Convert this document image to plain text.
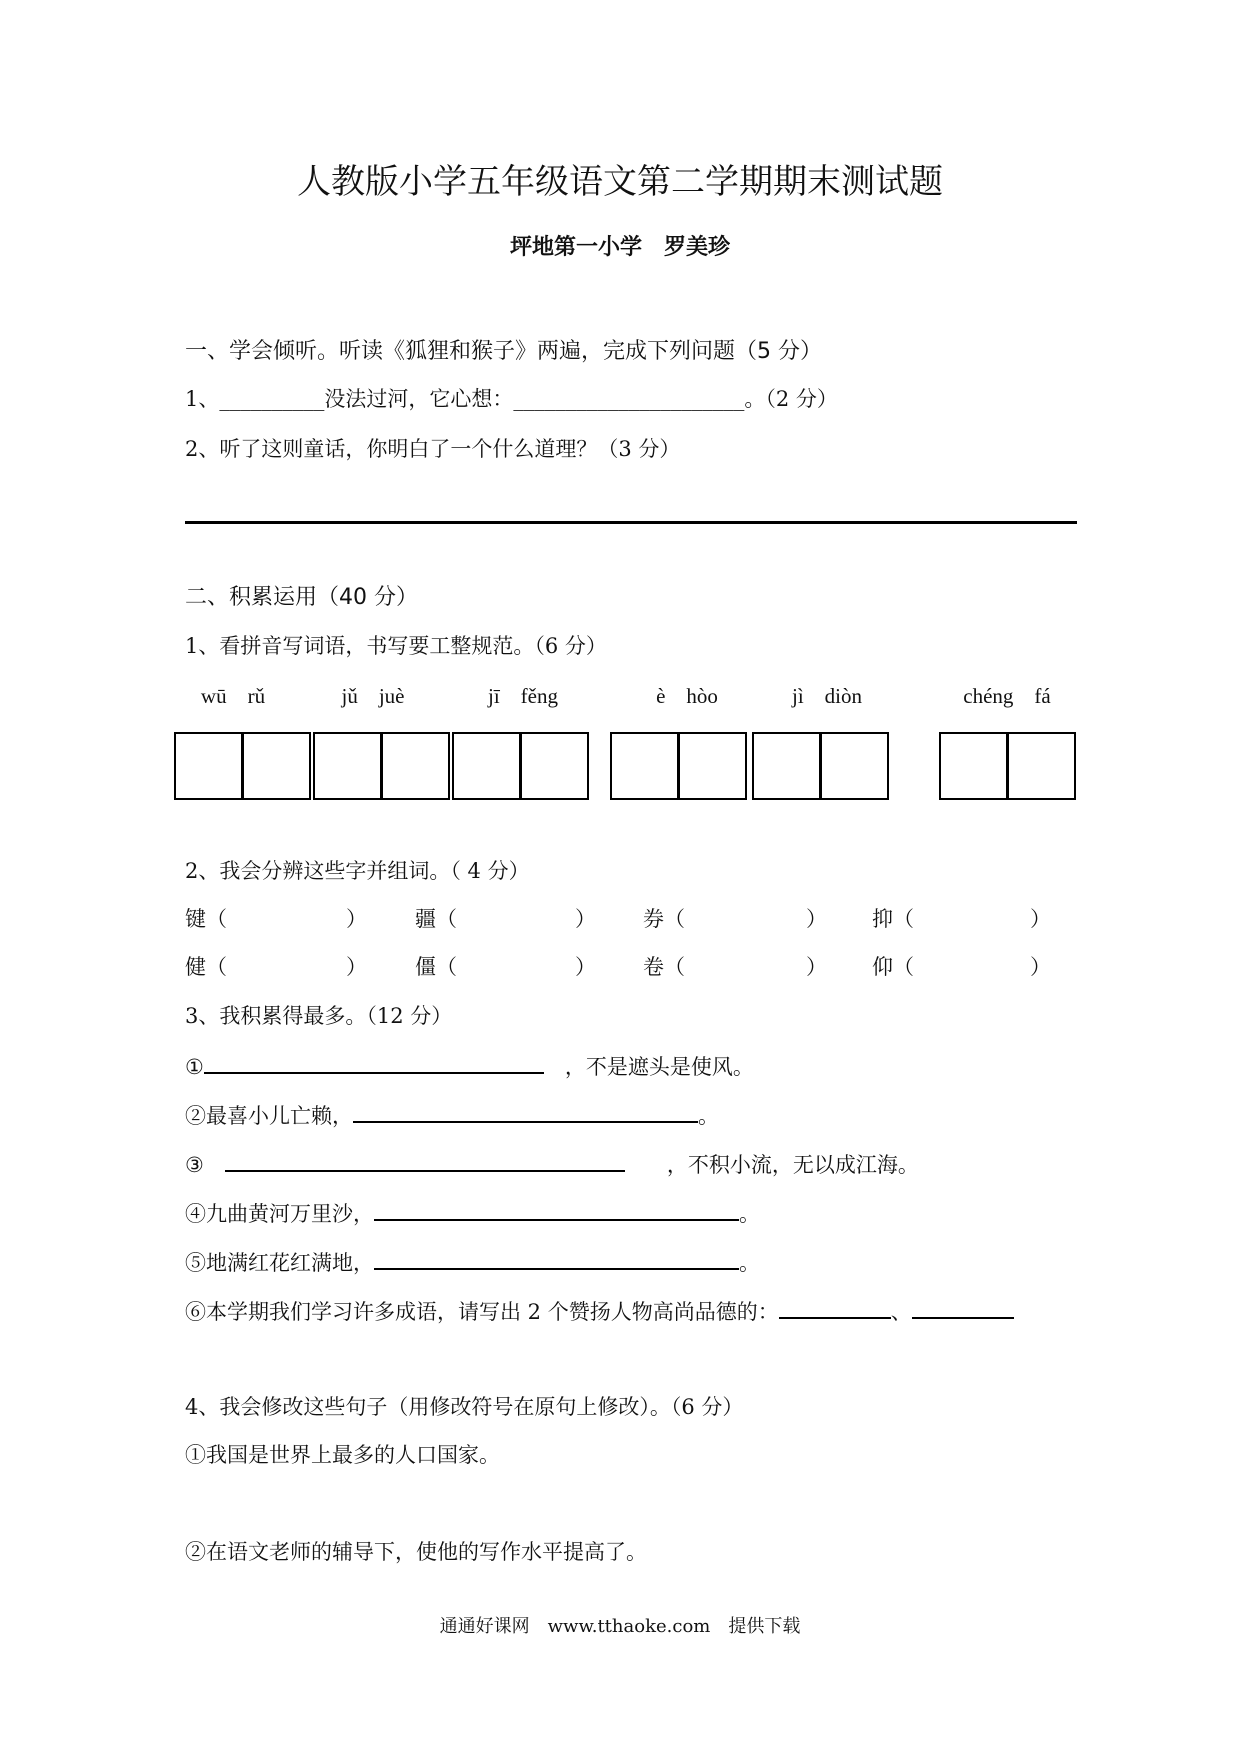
人教版小学五年级语文第二学期期末测试题
坪地第一小学　罗美珍
一、学会倾听。听读《狐狸和猴子》两遍，完成下列问题（5 分）
1、__________没法过河，它心想：______________________。（2 分）
2、听了这则童话，你明白了一个什么道理？（3 分）
二、积累运用（40 分）
1、看拼音写词语，书写要工整规范。（6 分）
wū　rǔ	jǔ　juè	jī　fěng	è　hòo	jì　diòn	chéng　fá
2、我会分辨这些字并组词。（ 4 分）
键（	） 疆（	） 券（	） 抑（	）
健（	） 僵（	） 卷（	） 仰（	）
3、我积累得最多。（12 分）
①　	，不是遮头是使风。
②最喜小儿亡赖，	。
③　　　	，不积小流，无以成江海。
④九曲黄河万里沙，	。
⑤地满红花红满地，	。
⑥本学期我们学习许多成语，请写出 2 个赞扬人物高尚品德的：	、
4、我会修改这些句子（用修改符号在原句上修改）。（6 分）
①我国是世界上最多的人口国家。
②在语文老师的辅导下，使他的写作水平提高了。
通通好课网　www.tthaoke.com　提供下载
